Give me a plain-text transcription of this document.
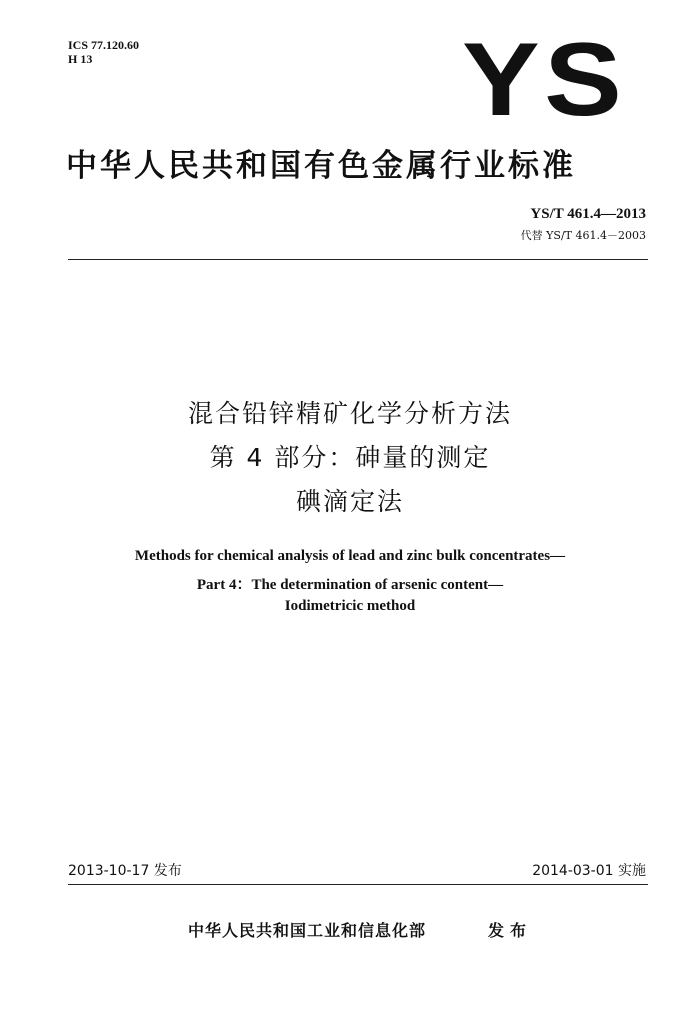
ICS 77.120.60
H 13	YS
中华人民共和国有色金属行业标准
YS/T 461.4—2013
代替 YS/T 461.4－2003
混合铅锌精矿化学分析方法
第 4 部分：砷量的测定
碘滴定法
Methods for chemical analysis of lead and zinc bulk concentrates—
Part 4：The determination of arsenic content—
Iodimetricic method
2013-10-17 发布	2014-03-01 实施
中华人民共和国工业和信息化部	发布
